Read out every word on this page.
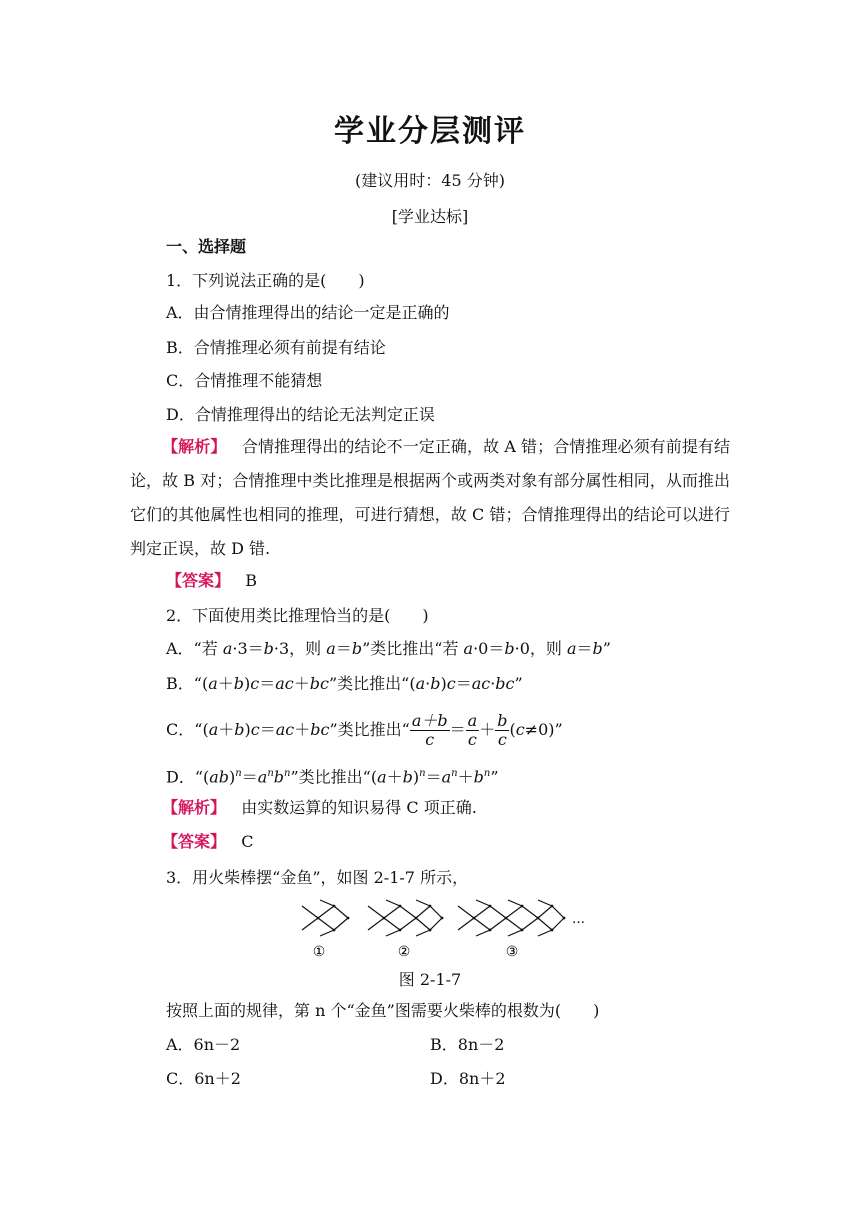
学业分层测评
(建议用时：45 分钟)
[学业达标]
一、选择题
1．下列说法正确的是(　　)
A．由合情推理得出的结论一定是正确的
B．合情推理必须有前提有结论
C．合情推理不能猜想
D．合情推理得出的结论无法判定正误
【解析】 合情推理得出的结论不一定正确，故 A 错；合情推理必须有前提有结论，故 B 对；合情推理中类比推理是根据两个或两类对象有部分属性相同，从而推出它们的其他属性也相同的推理，可进行猜想，故 C 错；合情推理得出的结论可以进行判定正误，故 D 错.
【答案】 B
2．下面使用类比推理恰当的是(　　)
A．“若 a·3＝b·3，则 a＝b”类比推出“若 a·0＝b·0，则 a＝b”
B．“(a＋b)c＝ac＋bc”类比推出“(a·b)c＝ac·bc”
C．“(a＋b)c＝ac＋bc”类比推出“ $\frac{a+b}{c} = \frac{a}{c} + \frac{b}{c} (c\ne 0)$”
D．“$(ab)^n=a^nb^n$”类比推出“$(a+b)^n=a^n+b^n$”
【解析】 由实数运算的知识易得 C 项正确.
【答案】 C
3．用火柴棒摆“金鱼”，如图 2-1-7 所示，
…
①	②	③
图 2-1-7
按照上面的规律，第 n 个“金鱼”图需要火柴棒的根数为(　　)
A．6n－2	B．8n－2
C．6n＋2	D．8n＋2
